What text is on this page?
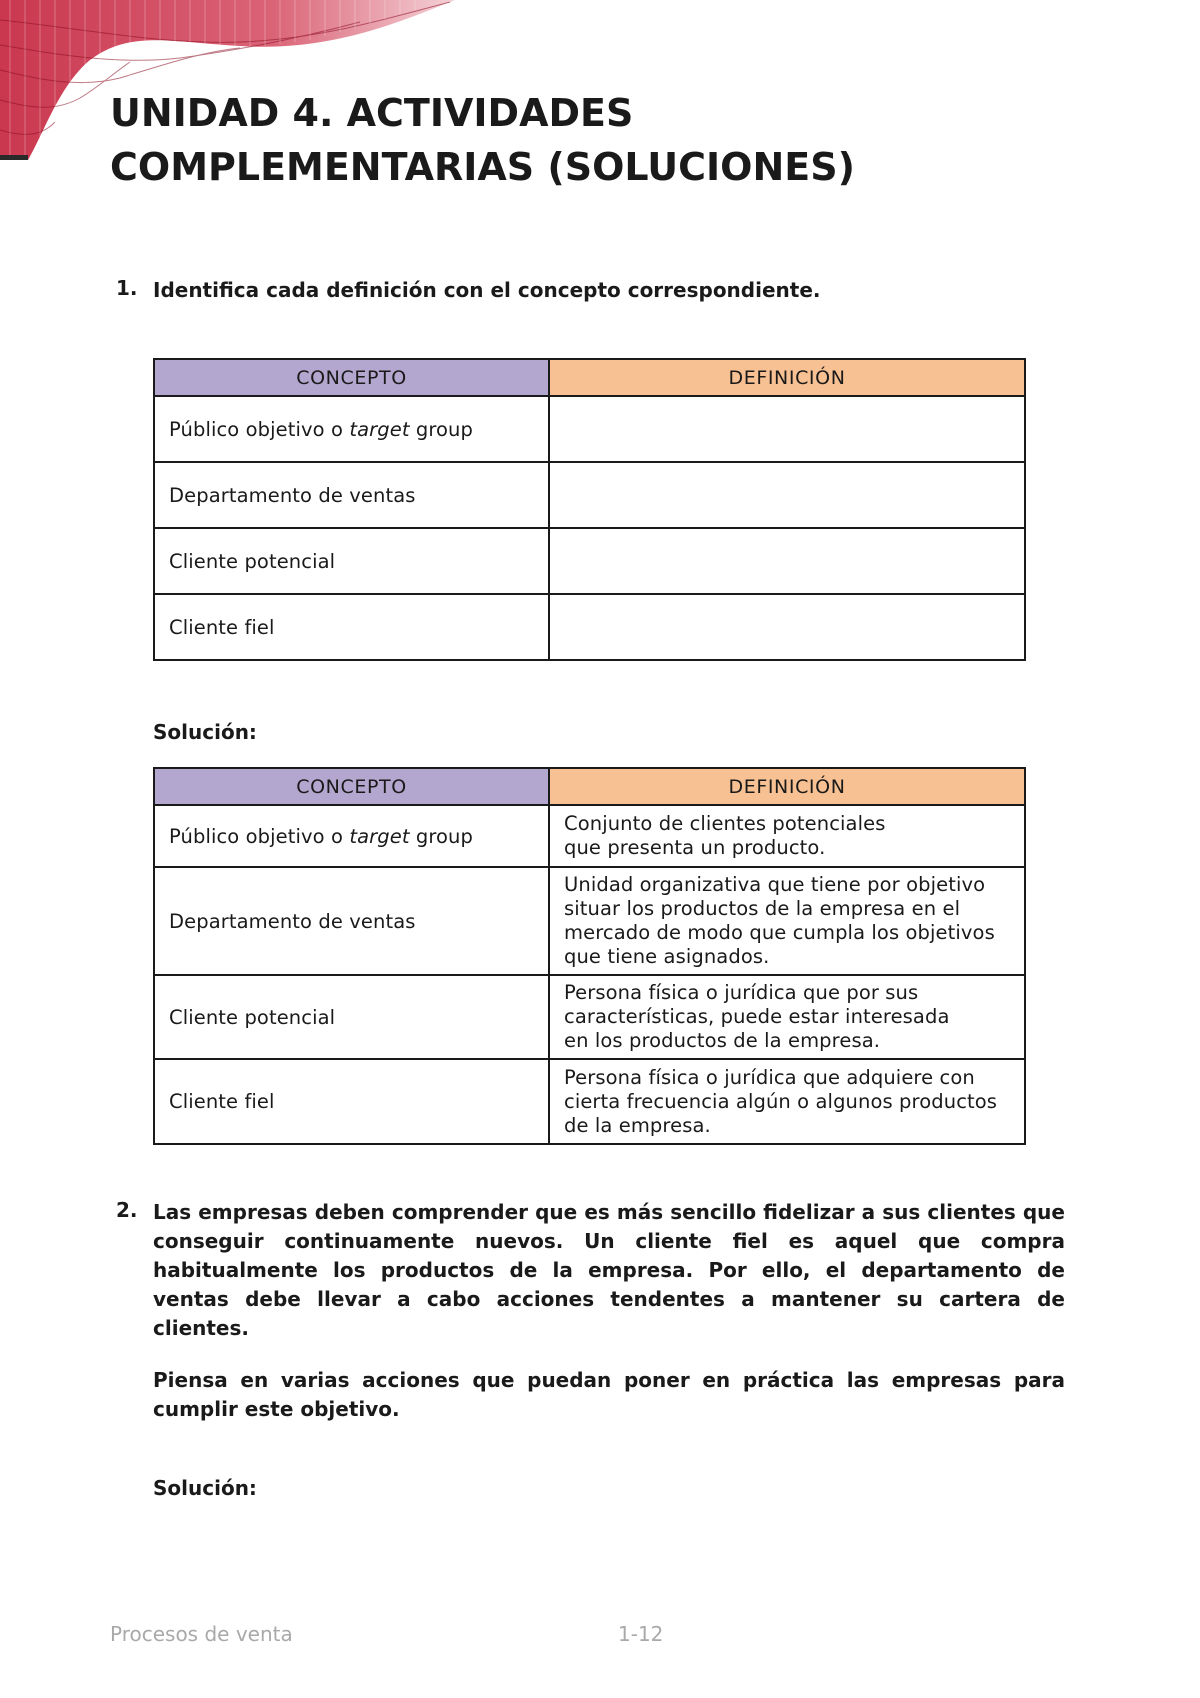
UNIDAD 4. ACTIVIDADES
COMPLEMENTARIAS (SOLUCIONES)
1. Identifica cada definición con el concepto correspondiente.
CONCEPTO	DEFINICIÓN
Público objetivo o target group	
Departamento de ventas	
Cliente potencial	
Cliente fiel	
Solución:
CONCEPTO	DEFINICIÓN
Público objetivo o target group	Conjunto de clientes potenciales
que presenta un producto.

Departamento de ventas	Unidad organizativa que tiene por objetivo
situar los productos de la empresa en el
mercado de modo que cumpla los objetivos
que tiene asignados.

Cliente potencial	Persona física o jurídica que por sus
características, puede estar interesada
en los productos de la empresa.

Cliente fiel	Persona física o jurídica que adquiere con
cierta frecuencia algún o algunos productos
de la empresa.
2. Las empresas deben comprender que es más sencillo fidelizar a sus clientes que conseguir continuamente nuevos. Un cliente fiel es aquel que compra habitualmente los productos de la empresa. Por ello, el departamento de ventas debe llevar a cabo acciones tendentes a mantener su cartera de clientes.
Piensa en varias acciones que puedan poner en práctica las empresas para cumplir este objetivo.
Solución:
Procesos de venta	1-12
